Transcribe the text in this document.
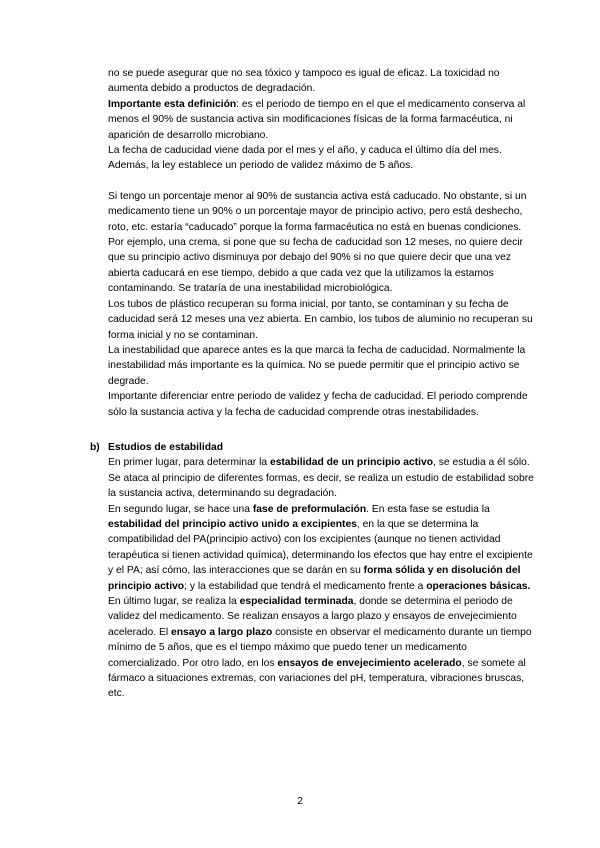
no se puede asegurar que no sea tóxico y tampoco es igual de eficaz. La toxicidad no aumenta debido a productos de degradación.

Importante esta definición: es el periodo de tiempo en el que el medicamento conserva al menos el 90% de sustancia activa sin modificaciones físicas de la forma farmacéutica, ni aparición de desarrollo microbiano.

La fecha de caducidad viene dada por el mes y el año, y caduca el último día del mes. Además, la ley establece un periodo de validez máximo de 5 años.

Si tengo un porcentaje menor al 90% de sustancia activa está caducado. No obstante, si un medicamento tiene un 90% o un porcentaje mayor de principio activo, pero está deshecho, roto, etc. estaría “caducado” porque la forma farmacéutica no está en buenas condiciones.

Por ejemplo, una crema, si pone que su fecha de caducidad son 12 meses, no quiere decir que su principio activo disminuya por debajo del 90% si no que quiere decir que una vez abierta caducará en ese tiempo, debido a que cada vez que la utilizamos la estamos contaminando. Se trataría de una inestabilidad microbiológica.

Los tubos de plástico recuperan su forma inicial, por tanto, se contaminan y su fecha de caducidad será 12 meses una vez abierta. En cambio, los tubos de aluminio no recuperan su forma inicial y no se contaminan.

La inestabilidad que aparece antes es la que marca la fecha de caducidad. Normalmente la inestabilidad más importante es la química. No se puede permitir que el principio activo se degrade.

Importante diferenciar entre periodo de validez y fecha de caducidad. El periodo comprende sólo la sustancia activa y la fecha de caducidad comprende otras inestabilidades.

b) Estudios de estabilidad

En primer lugar, para determinar la estabilidad de un principio activo, se estudia a él sólo. Se ataca al principio de diferentes formas, es decir, se realiza un estudio de estabilidad sobre la sustancia activa, determinando su degradación.

En segundo lugar, se hace una fase de preformulación. En esta fase se estudia la estabilidad del principio activo unido a excipientes, en la que se determina la compatibilidad del PA(principio activo) con los excipientes (aunque no tienen actividad terapéutica si tienen actividad química), determinando los efectos que hay entre el excipiente y el PA; así cómo, las interacciones que se darán en su forma sólida y en disolución del principio activo; y la estabilidad que tendrá el medicamento frente a operaciones básicas.

En último lugar, se realiza la especialidad terminada, donde se determina el periodo de validez del medicamento. Se realizan ensayos a largo plazo y ensayos de envejecimiento acelerado. El ensayo a largo plazo consiste en observar el medicamento durante un tiempo mínimo de 5 años, que es el tiempo máximo que puedo tener un medicamento comercializado. Por otro lado, en los ensayos de envejecimiento acelerado, se somete al fármaco a situaciones extremas, con variaciones del pH, temperatura, vibraciones bruscas, etc.

2
